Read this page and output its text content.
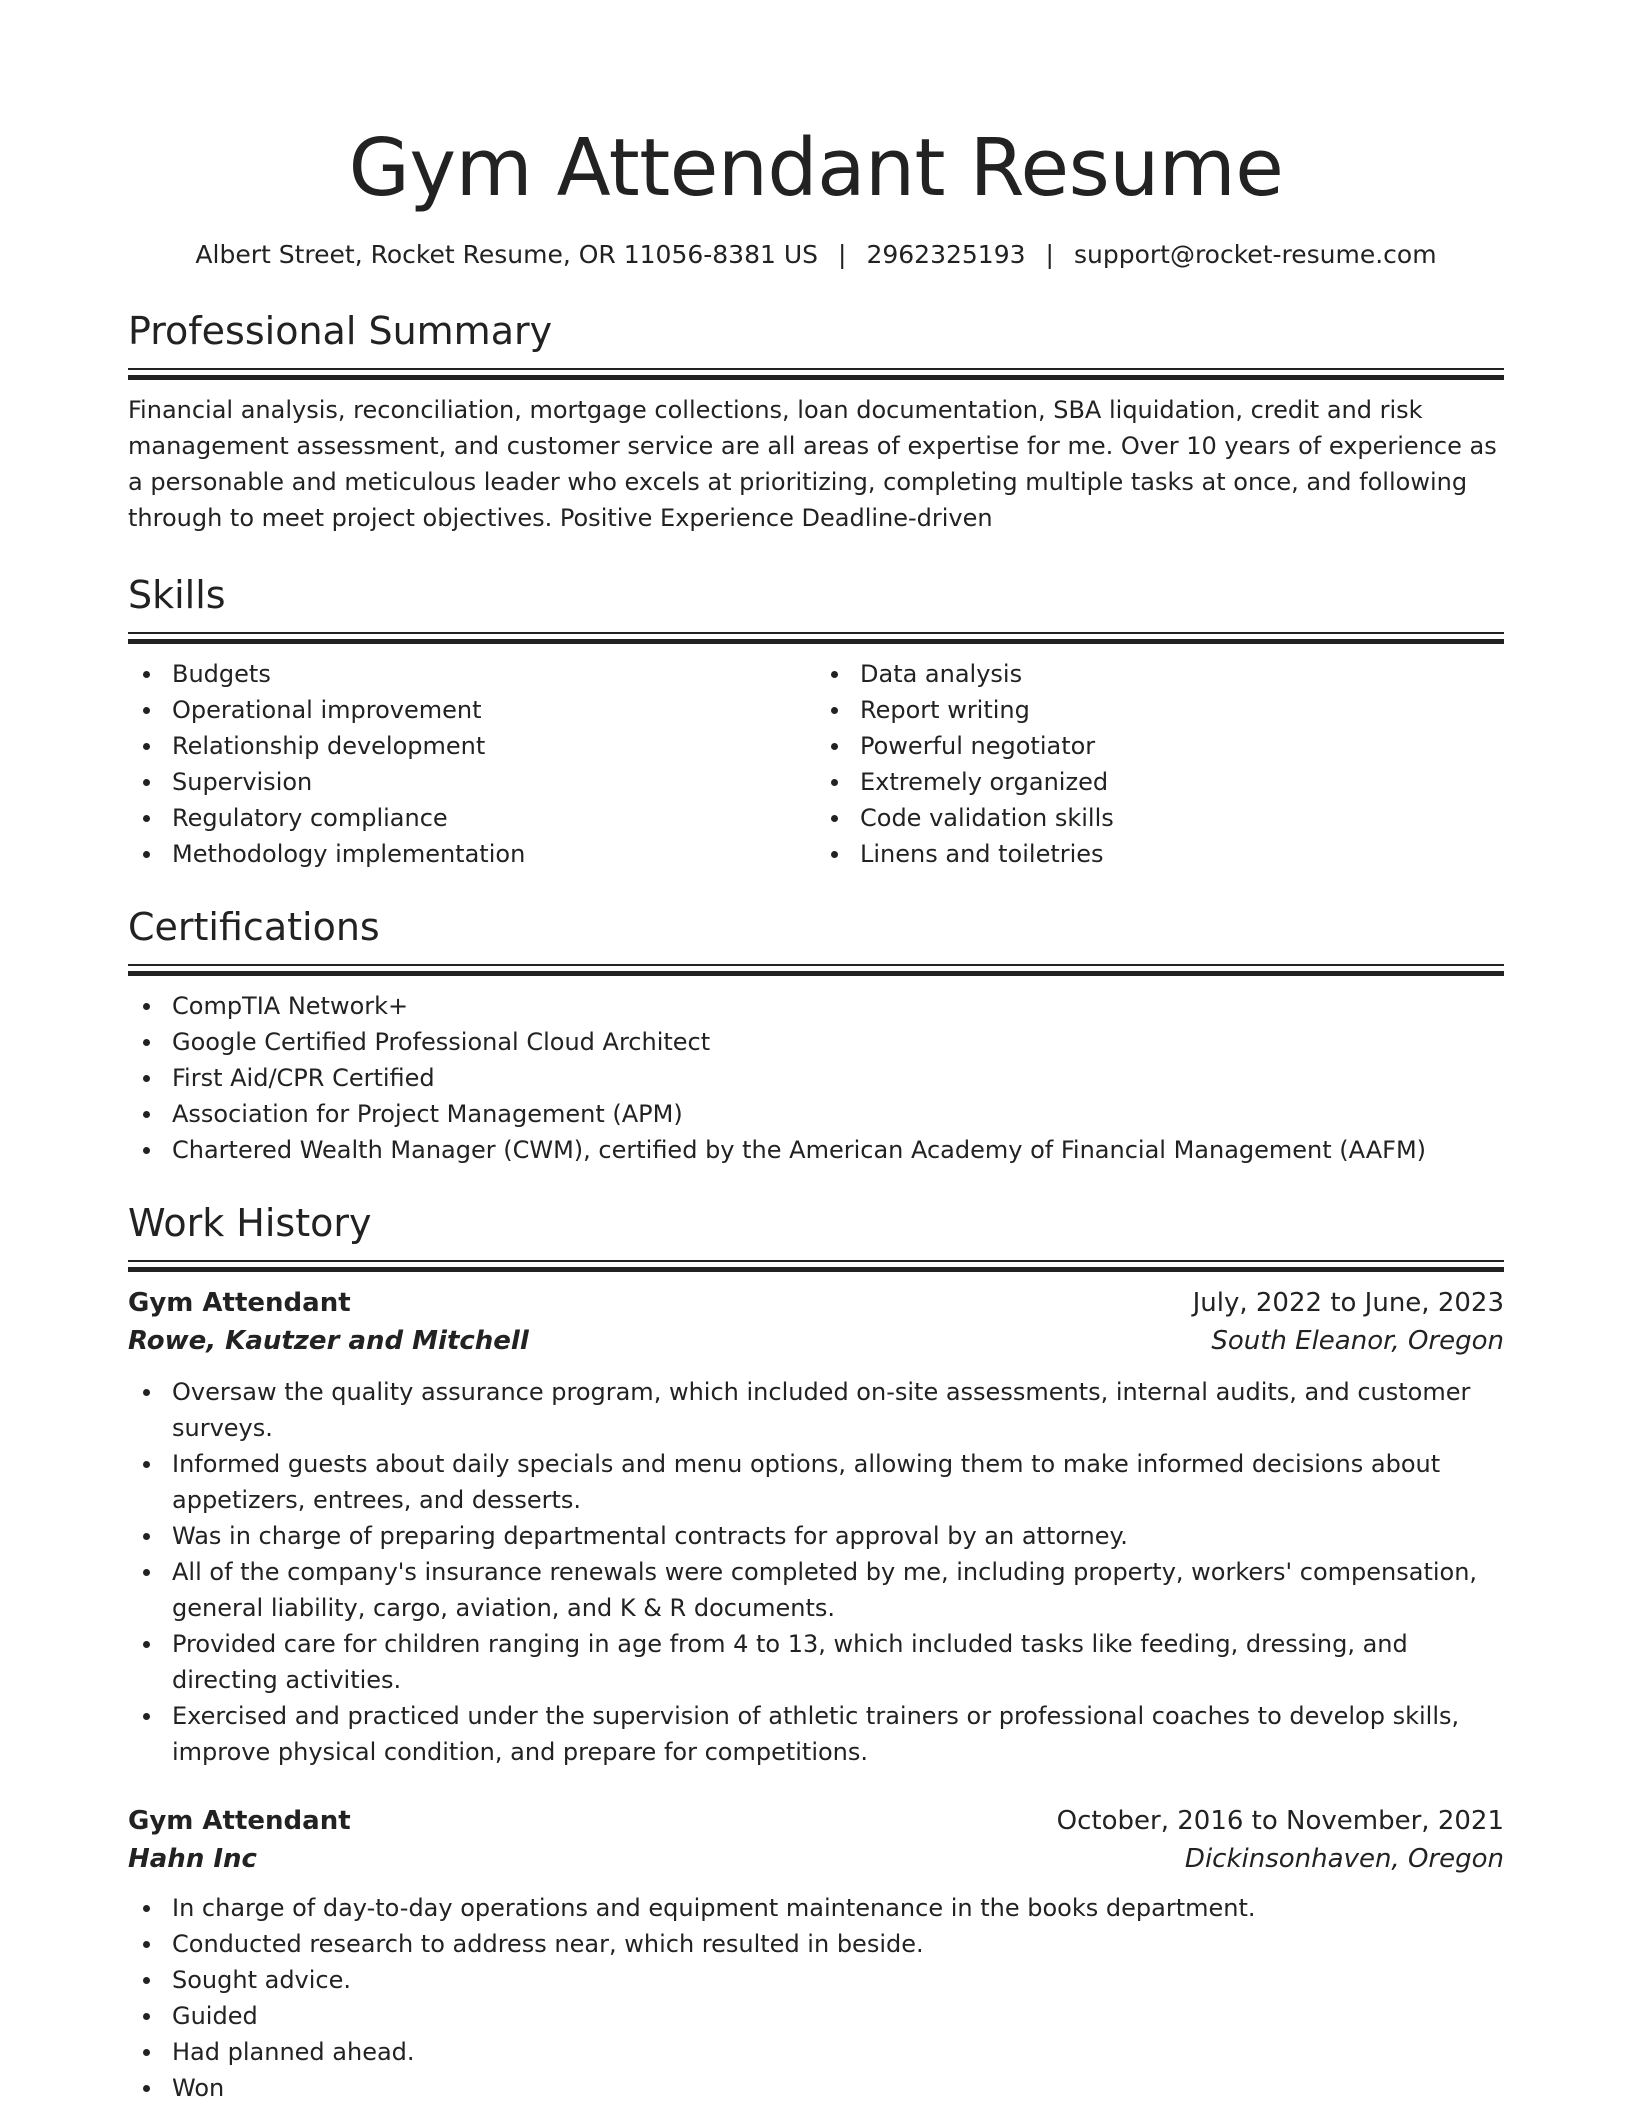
Gym Attendant Resume
Albert Street, Rocket Resume, OR 11056-8381 US | 2962325193 | support@rocket-resume.com
Professional Summary

Financial analysis, reconciliation, mortgage collections, loan documentation, SBA liquidation, credit and risk management assessment, and customer service are all areas of expertise for me. Over 10 years of experience as a personable and meticulous leader who excels at prioritizing, completing multiple tasks at once, and following through to meet project objectives. Positive Experience Deadline-driven

Skills
Budgets
Operational improvement
Relationship development
Supervision
Regulatory compliance
Methodology implementation
Data analysis
Report writing
Powerful negotiator
Extremely organized
Code validation skills
Linens and toiletries
Certifications
CompTIA Network+
Google Certified Professional Cloud Architect
First Aid/CPR Certified
Association for Project Management (APM)
Chartered Wealth Manager (CWM), certified by the American Academy of Financial Management (AAFM)
Work History
Gym Attendant	July, 2022 to June, 2023
Rowe, Kautzer and Mitchell	South Eleanor, Oregon
Oversaw the quality assurance program, which included on-site assessments, internal audits, and customer surveys.
Informed guests about daily specials and menu options, allowing them to make informed decisions about appetizers, entrees, and desserts.
Was in charge of preparing departmental contracts for approval by an attorney.
All of the company's insurance renewals were completed by me, including property, workers' compensation, general liability, cargo, aviation, and K & R documents.
Provided care for children ranging in age from 4 to 13, which included tasks like feeding, dressing, and directing activities.
Exercised and practiced under the supervision of athletic trainers or professional coaches to develop skills, improve physical condition, and prepare for competitions.
Gym Attendant	October, 2016 to November, 2021
Hahn Inc	Dickinsonhaven, Oregon
In charge of day-to-day operations and equipment maintenance in the books department.
Conducted research to address near, which resulted in beside.
Sought advice.
Guided
Had planned ahead.
Won
